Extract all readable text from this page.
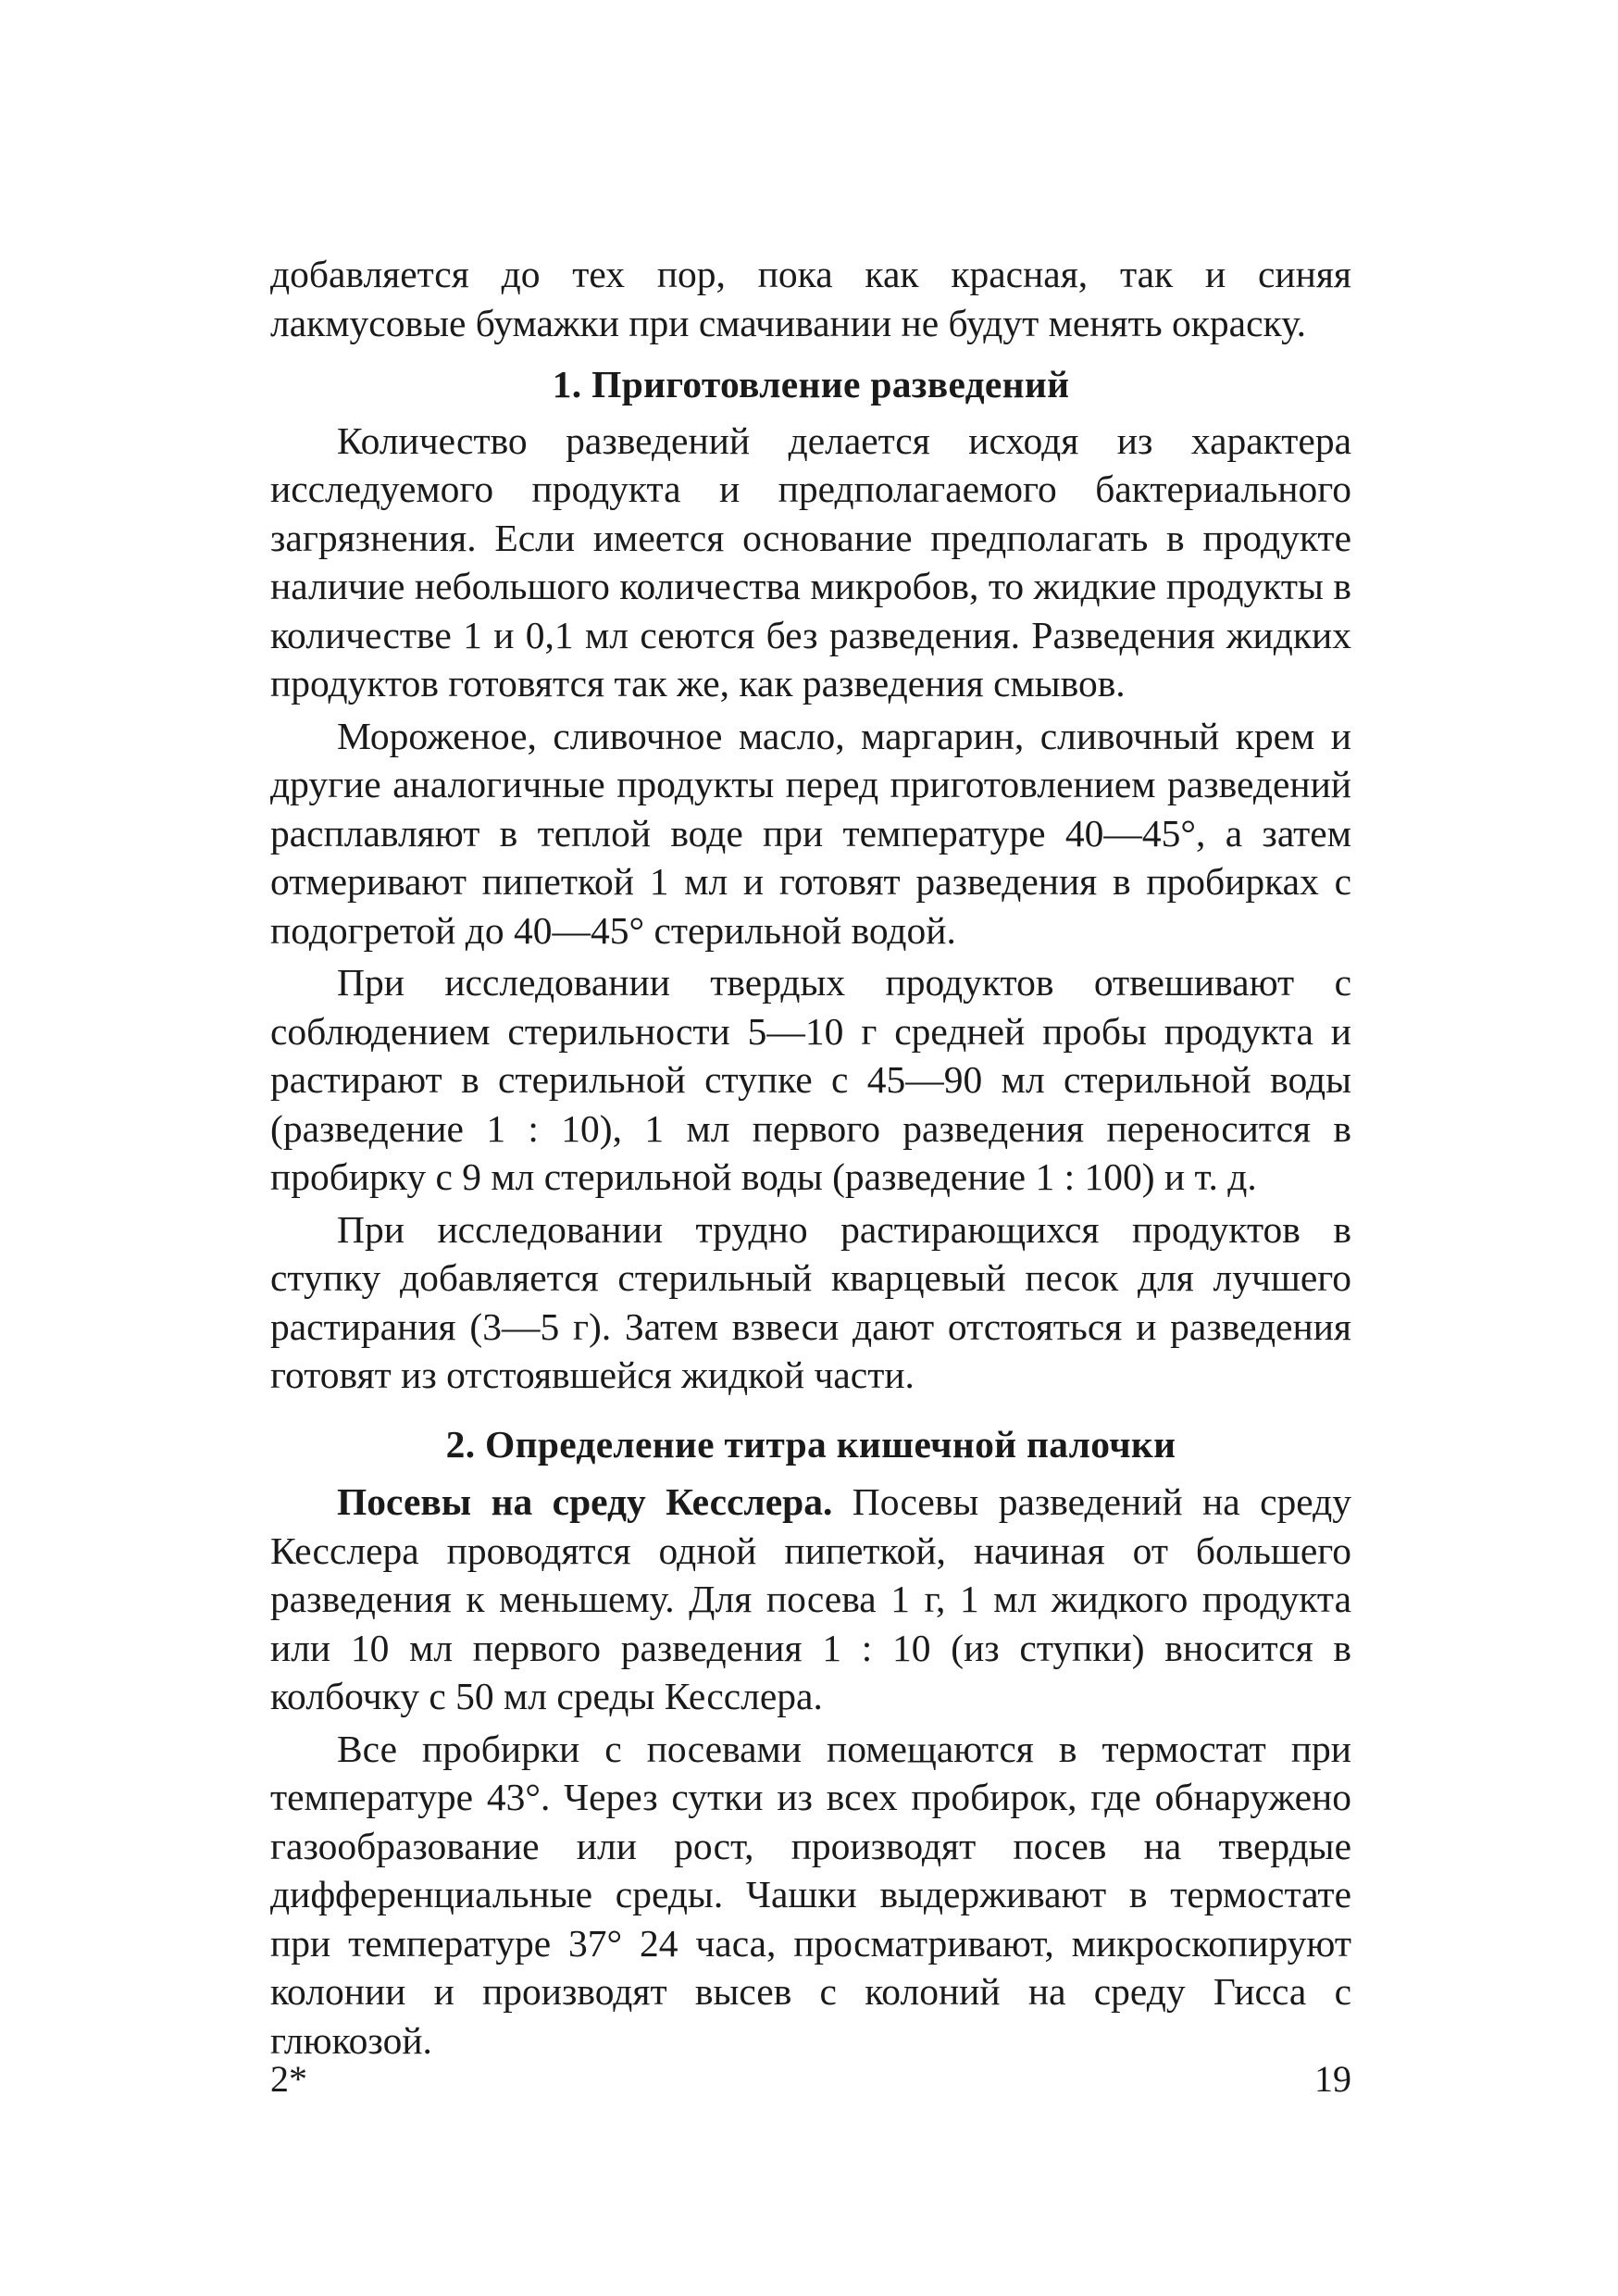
добавляется до тех пор, пока как красная, так и синяя лакмусовые бумажки при смачивании не будут менять окраску.

1. Приготовление разведений

Количество разведений делается исходя из характера исследуемого продукта и предполагаемого бактериального загрязнения. Если имеется основание предполагать в продукте наличие небольшого количества микробов, то жидкие продукты в количестве 1 и 0,1 мл сеются без разведения. Разведения жидких продуктов готовятся так же, как разведения смывов.

Мороженое, сливочное масло, маргарин, сливочный крем и другие аналогичные продукты перед приготовлением разведений расплавляют в теплой воде при температуре 40—45°, а затем отмеривают пипеткой 1 мл и готовят разведения в пробирках с подогретой до 40—45° стерильной водой.

При исследовании твердых продуктов отвешивают с соблюдением стерильности 5—10 г средней пробы продукта и растирают в стерильной ступке с 45—90 мл стерильной воды (разведение 1 : 10), 1 мл первого разведения переносится в пробирку с 9 мл стерильной воды (разведение 1 : 100) и т. д.

При исследовании трудно растирающихся продуктов в ступку добавляется стерильный кварцевый песок для лучшего растирания (3—5 г). Затем взвеси дают отстояться и разведения готовят из отстоявшейся жидкой части.

2. Определение титра кишечной палочки

Посевы на среду Кесслера. Посевы разведений на среду Кесслера проводятся одной пипеткой, начиная от большего разведения к меньшему. Для посева 1 г, 1 мл жидкого продукта или 10 мл первого разведения 1 : 10 (из ступки) вносится в колбочку с 50 мл среды Кесслера.

Все пробирки с посевами помещаются в термостат при температуре 43°. Через сутки из всех пробирок, где обнаружено газообразование или рост, производят посев на твердые дифференциальные среды. Чашки выдерживают в термостате при температуре 37° 24 часа, просматривают, микроскопируют колонии и производят высев с колоний на среду Гисса с глюкозой.

2*	19
